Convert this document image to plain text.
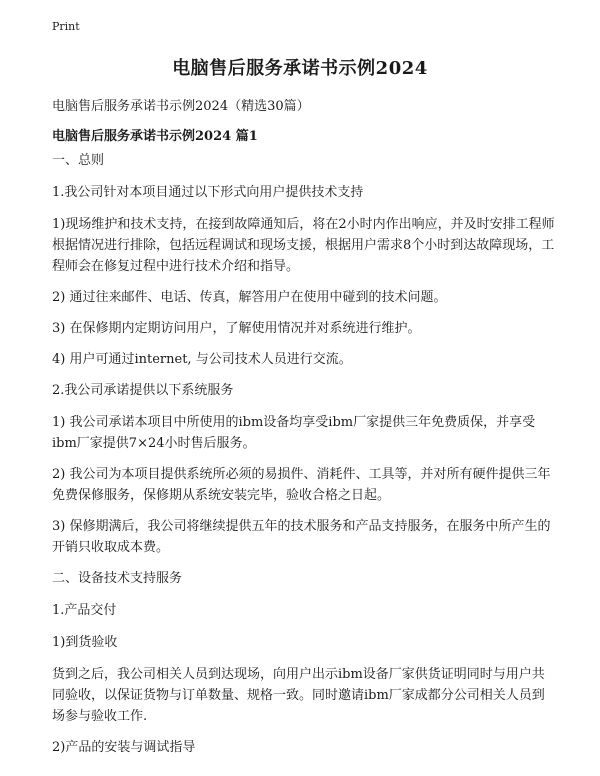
Print
电脑售后服务承诺书示例2024
电脑售后服务承诺书示例2024（精选30篇）
电脑售后服务承诺书示例2024 篇1

一、总则

1.我公司针对本项目通过以下形式向用户提供技术支持

1)现场维护和技术支持，在接到故障通知后，将在2小时内作出响应，并及时安排工程师根据情况进行排除，包括远程调试和现场支援，根据用户需求8个小时到达故障现场，工程师会在修复过程中进行技术介绍和指导。

2) 通过往来邮件、电话、传真，解答用户在使用中碰到的技术问题。

3) 在保修期内定期访问用户，了解使用情况并对系统进行维护。

4) 用户可通过internet, 与公司技术人员进行交流。

2.我公司承诺提供以下系统服务

1) 我公司承诺本项目中所使用的ibm设备均享受ibm厂家提供三年免费质保，并享受ibm厂家提供7×24小时售后服务。

2) 我公司为本项目提供系统所必须的易损件、消耗件、工具等，并对所有硬件提供三年免费保修服务，保修期从系统安装完毕，验收合格之日起。

3) 保修期满后，我公司将继续提供五年的技术服务和产品支持服务，在服务中所产生的开销只收取成本费。

二、设备技术支持服务

1.产品交付

1)到货验收

货到之后，我公司相关人员到达现场，向用户出示ibm设备厂家供货证明同时与用户共同验收，以保证货物与订单数量、规格一致。同时邀请ibm厂家成都分公司相关人员到场参与验收工作.

2)产品的安装与调试指导
